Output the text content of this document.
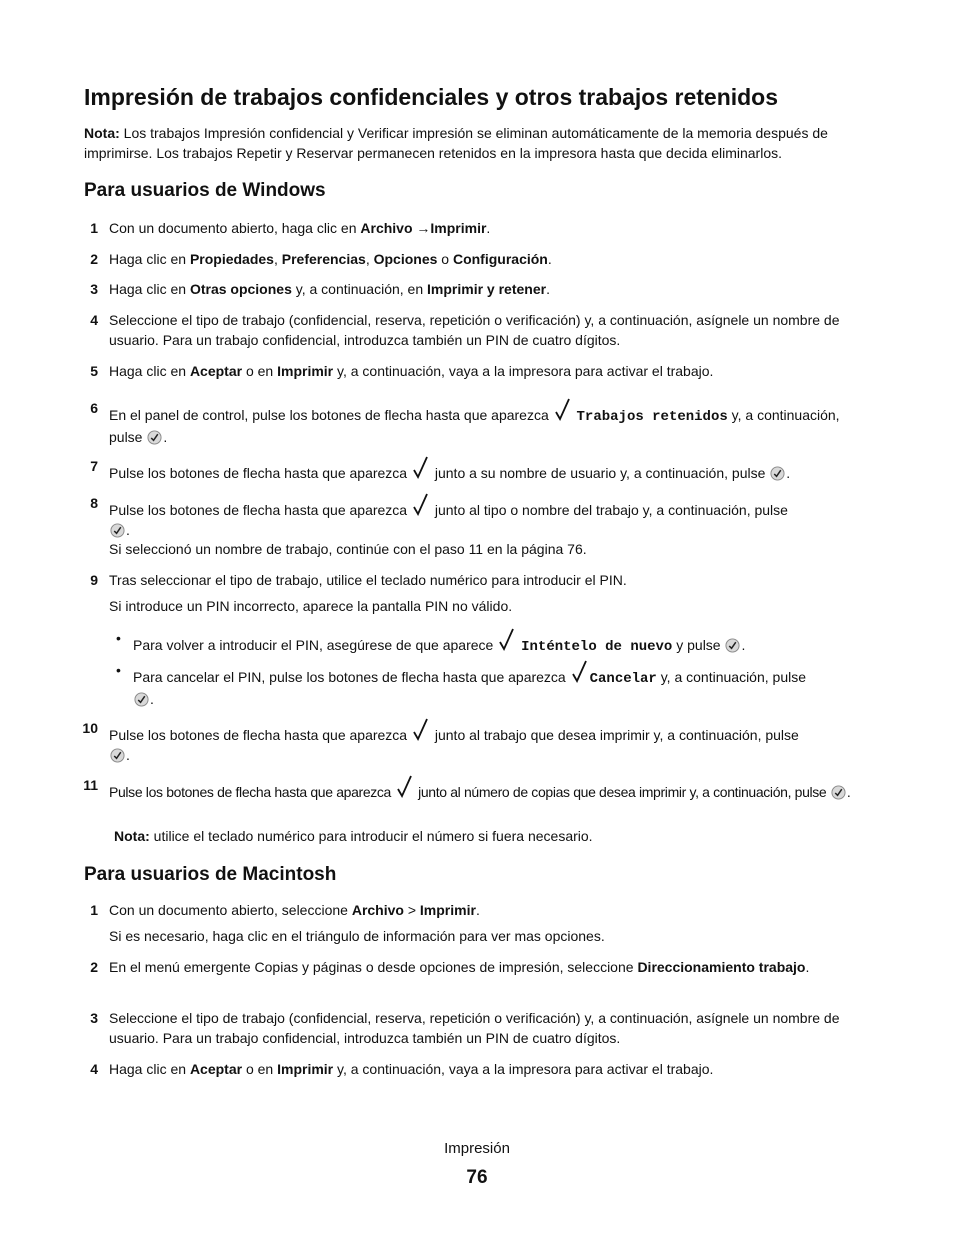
Impresión de trabajos confidenciales y otros trabajos retenidos
Nota: Los trabajos Impresión confidencial y Verificar impresión se eliminan automáticamente de la memoria después de imprimirse. Los trabajos Repetir y Reservar permanecen retenidos en la impresora hasta que decida eliminarlos.
Para usuarios de Windows
1 Con un documento abierto, haga clic en Archivo →Imprimir.
2 Haga clic en Propiedades, Preferencias, Opciones o Configuración.
3 Haga clic en Otras opciones y, a continuación, en Imprimir y retener.
4 Seleccione el tipo de trabajo (confidencial, reserva, repetición o verificación) y, a continuación, asígnele un nombre de usuario. Para un trabajo confidencial, introduzca también un PIN de cuatro dígitos.
5 Haga clic en Aceptar o en Imprimir y, a continuación, vaya a la impresora para activar el trabajo.
6 En el panel de control, pulse los botones de flecha hasta que aparezca  Trabajos retenidos y, a continuación, pulse .
7 Pulse los botones de flecha hasta que aparezca  junto a su nombre de usuario y, a continuación, pulse .
8 Pulse los botones de flecha hasta que aparezca  junto al tipo o nombre del trabajo y, a continuación, pulse
.
Si seleccionó un nombre de trabajo, continúe con el paso 11 en la página 76.
9 Tras seleccionar el tipo de trabajo, utilice el teclado numérico para introducir el PIN.
Si introduce un PIN incorrecto, aparece la pantalla PIN no válido.
• Para volver a introducir el PIN, asegúrese de que aparece  Inténtelo de nuevo y pulse .
• Para cancelar el PIN, pulse los botones de flecha hasta que aparezca Cancelar y, a continuación, pulse
.
10 Pulse los botones de flecha hasta que aparezca  junto al trabajo que desea imprimir y, a continuación, pulse
.
11 Pulse los botones de flecha hasta que aparezca  junto al número de copias que desea imprimir y, a continuación, pulse .
Nota: utilice el teclado numérico para introducir el número si fuera necesario.
Para usuarios de Macintosh
1 Con un documento abierto, seleccione Archivo > Imprimir.
Si es necesario, haga clic en el triángulo de información para ver mas opciones.
2 En el menú emergente Copias y páginas o desde opciones de impresión, seleccione Direccionamiento trabajo.
3 Seleccione el tipo de trabajo (confidencial, reserva, repetición o verificación) y, a continuación, asígnele un nombre de usuario. Para un trabajo confidencial, introduzca también un PIN de cuatro dígitos.
4 Haga clic en Aceptar o en Imprimir y, a continuación, vaya a la impresora para activar el trabajo.
Impresión
76
